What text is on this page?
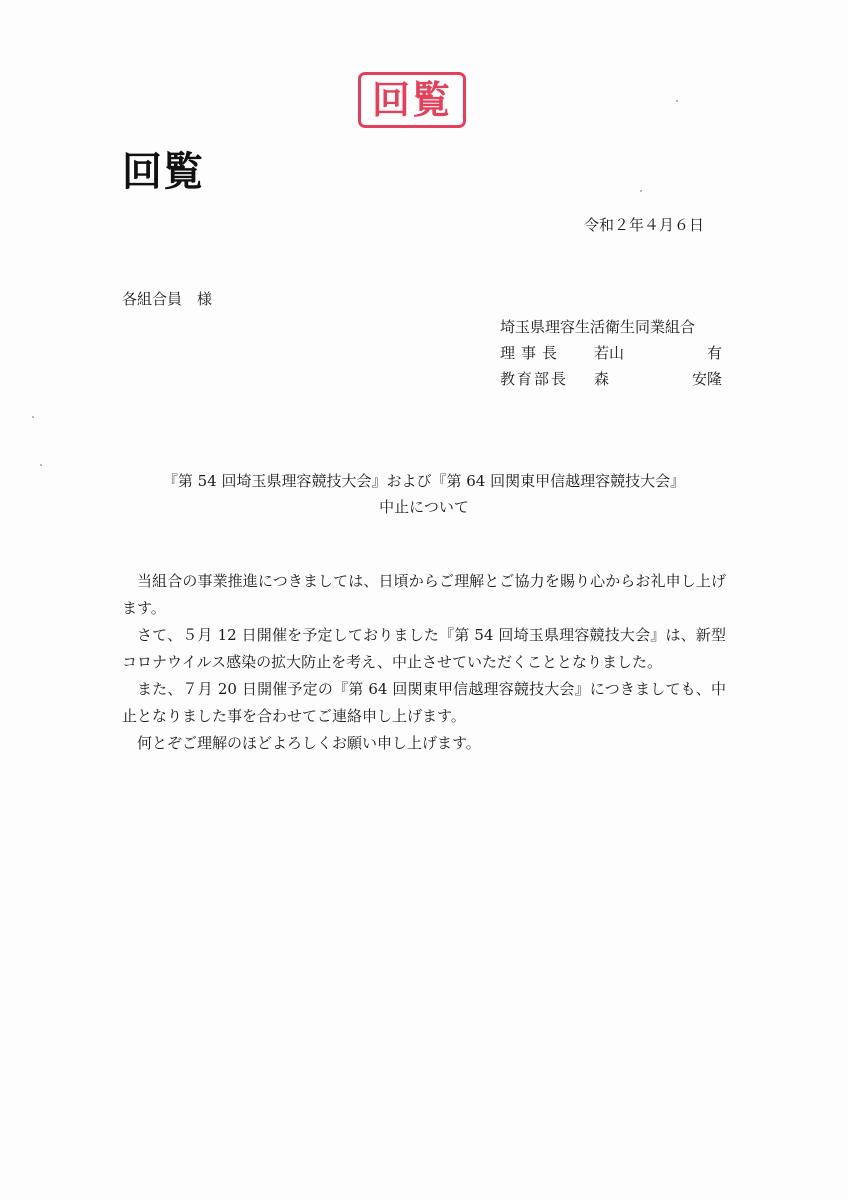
回覧
回覧
令和２年４月６日
各組合員　様
埼玉県理容生活衛生同業組合
理事長 若山	有
教育部長 森	安隆
『第 54 回埼玉県理容競技大会』および『第 64 回関東甲信越理容競技大会』
中止について

当組合の事業推進につきましては、日頃からご理解とご協力を賜り心からお礼申し上げます。

さて、５月 12 日開催を予定しておりました『第 54 回埼玉県理容競技大会』は、新型コロナウイルス感染の拡大防止を考え、中止させていただくこととなりました。

また、７月 20 日開催予定の『第 64 回関東甲信越理容競技大会』につきましても、中止となりました事を合わせてご連絡申し上げます。

何とぞご理解のほどよろしくお願い申し上げます。
